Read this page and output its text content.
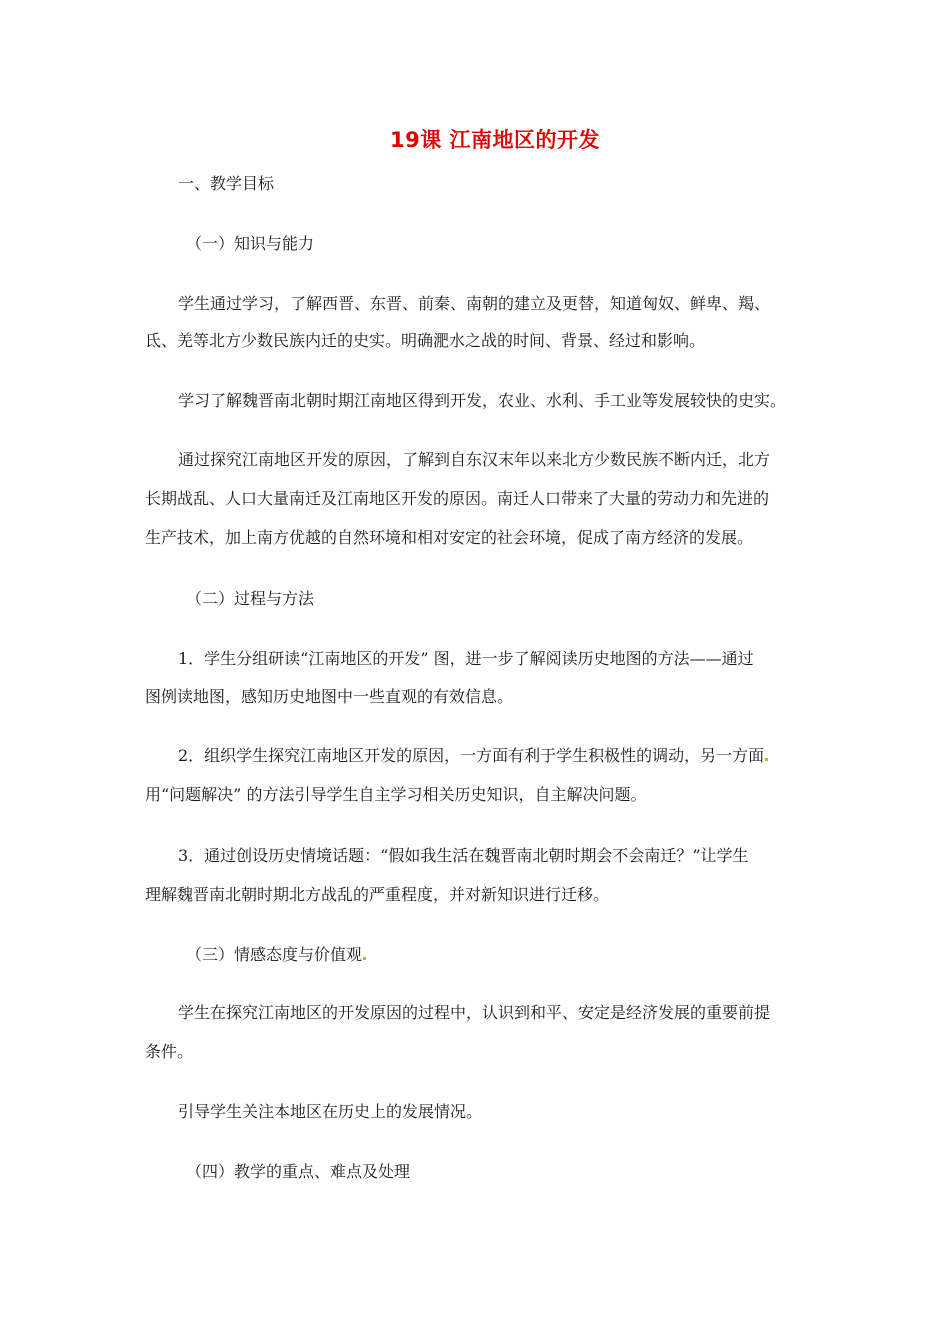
19课 江南地区的开发
一、教学目标
（一）知识与能力
学生通过学习，了解西晋、东晋、前秦、南朝的建立及更替，知道匈奴、鲜卑、羯、
氐、羌等北方少数民族内迁的史实。明确淝水之战的时间、背景、经过和影响。
学习了解魏晋南北朝时期江南地区得到开发，农业、水利、手工业等发展较快的史实。
通过探究江南地区开发的原因，了解到自东汉末年以来北方少数民族不断内迁，北方
长期战乱、人口大量南迁及江南地区开发的原因。南迁人口带来了大量的劳动力和先进的
生产技术，加上南方优越的自然环境和相对安定的社会环境，促成了南方经济的发展。
（二）过程与方法
1．学生分组研读“江南地区的开发” 图，进一步了解阅读历史地图的方法——通过
图例读地图，感知历史地图中一些直观的有效信息。
2．组织学生探究江南地区开发的原因，一方面有利于学生积极性的调动，另一方面
用“问题解决” 的方法引导学生自主学习相关历史知识，自主解决问题。
3．通过创设历史情境话题：“假如我生活在魏晋南北朝时期会不会南迁？”让学生
理解魏晋南北朝时期北方战乱的严重程度，并对新知识进行迁移。
（三）情感态度与价值观
学生在探究江南地区的开发原因的过程中，认识到和平、安定是经济发展的重要前提
条件。
引导学生关注本地区在历史上的发展情况。
（四）教学的重点、难点及处理
